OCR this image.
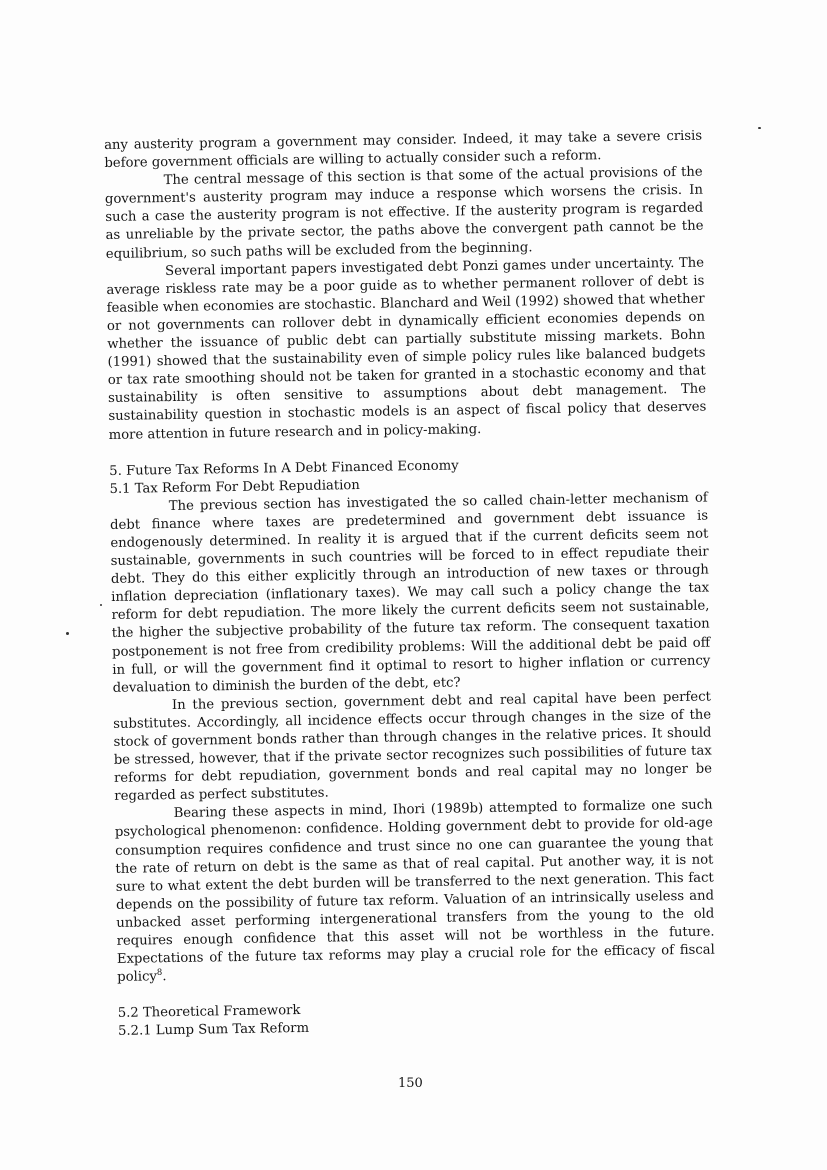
any austerity program a government may consider. Indeed, it may take a severe crisis before government officials are willing to actually consider such a reform.

The central message of this section is that some of the actual provisions of the government's austerity program may induce a response which worsens the crisis. In such a case the austerity program is not effective. If the austerity program is regarded as unreliable by the private sector, the paths above the convergent path cannot be the equilibrium, so such paths will be excluded from the beginning.

Several important papers investigated debt Ponzi games under uncertainty. The average riskless rate may be a poor guide as to whether permanent rollover of debt is feasible when economies are stochastic. Blanchard and Weil (1992) showed that whether or not governments can rollover debt in dynamically efficient economies depends on whether the issuance of public debt can partially substitute missing markets. Bohn (1991) showed that the sustainability even of simple policy rules like balanced budgets or tax rate smoothing should not be taken for granted in a stochastic economy and that sustainability is often sensitive to assumptions about debt management. The sustainability question in stochastic models is an aspect of fiscal policy that deserves more attention in future research and in policy-making.

5. Future Tax Reforms In A Debt Financed Economy
5.1 Tax Reform For Debt Repudiation

The previous section has investigated the so called chain-letter mechanism of debt finance where taxes are predetermined and government debt issuance is endogenously determined. In reality it is argued that if the current deficits seem not sustainable, governments in such countries will be forced to in effect repudiate their debt. They do this either explicitly through an introduction of new taxes or through inflation depreciation (inflationary taxes). We may call such a policy change the tax reform for debt repudiation. The more likely the current deficits seem not sustainable, the higher the subjective probability of the future tax reform. The consequent taxation postponement is not free from credibility problems: Will the additional debt be paid off in full, or will the government find it optimal to resort to higher inflation or currency devaluation to diminish the burden of the debt, etc?

In the previous section, government debt and real capital have been perfect substitutes. Accordingly, all incidence effects occur through changes in the size of the stock of government bonds rather than through changes in the relative prices. It should be stressed, however, that if the private sector recognizes such possibilities of future tax reforms for debt repudiation, government bonds and real capital may no longer be regarded as perfect substitutes.

Bearing these aspects in mind, Ihori (1989b) attempted to formalize one such psychological phenomenon: confidence. Holding government debt to provide for old-age consumption requires confidence and trust since no one can guarantee the young that the rate of return on debt is the same as that of real capital. Put another way, it is not sure to what extent the debt burden will be transferred to the next generation. This fact depends on the possibility of future tax reform. Valuation of an intrinsically useless and unbacked asset performing intergenerational transfers from the young to the old requires enough confidence that this asset will not be worthless in the future. Expectations of the future tax reforms may play a crucial role for the efficacy of fiscal policy$^8$.

5.2 Theoretical Framework
5.2.1 Lump Sum Tax Reform
150
